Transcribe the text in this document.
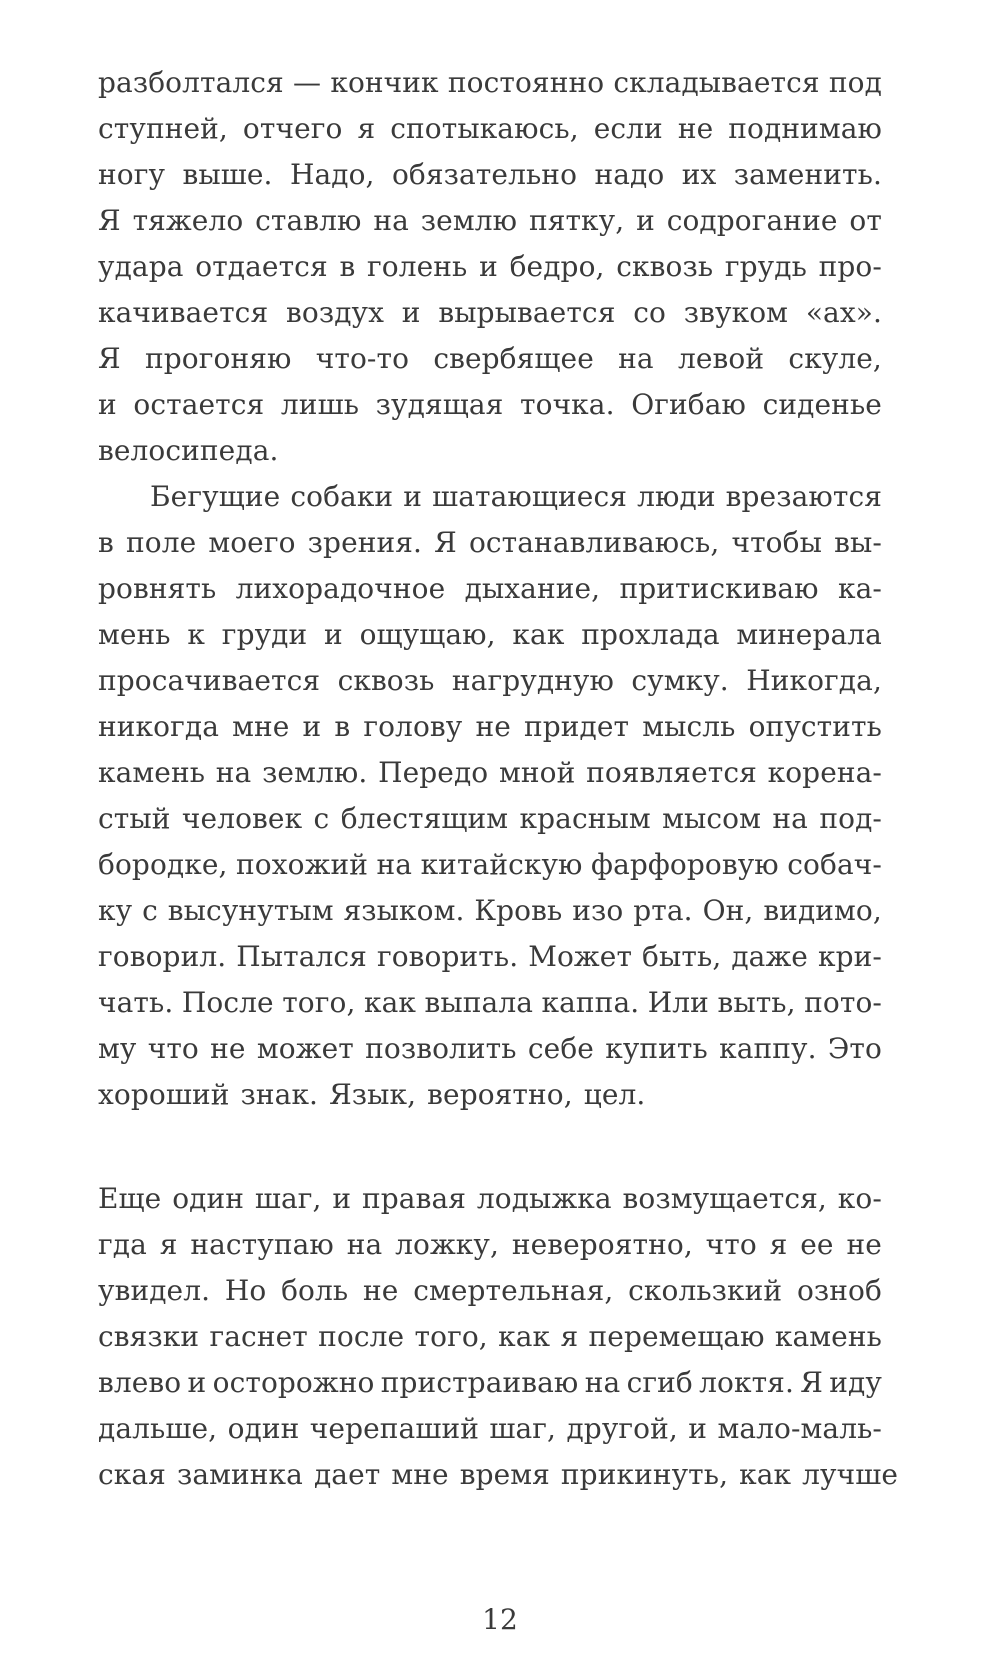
разболтался — кончик постоянно складывается под
ступней, отчего я спотыкаюсь, если не поднимаю
ногу выше. Надо, обязательно надо их заменить.
Я тяжело ставлю на землю пятку, и содрогание от
удара отдается в голень и бедро, сквозь грудь про-
качивается воздух и вырывается со звуком «ах».
Я прогоняю что-то свербящее на левой скуле,
и остается лишь зудящая точка. Огибаю сиденье
велосипеда.
Бегущие собаки и шатающиеся люди врезаются
в поле моего зрения. Я останавливаюсь, чтобы вы-
ровнять лихорадочное дыхание, притискиваю ка-
мень к груди и ощущаю, как прохлада минерала
просачивается сквозь нагрудную сумку. Никогда,
никогда мне и в голову не придет мысль опустить
камень на землю. Передо мной появляется корена-
стый человек с блестящим красным мысом на под-
бородке, похожий на китайскую фарфоровую собач-
ку с высунутым языком. Кровь изо рта. Он, видимо,
говорил. Пытался говорить. Может быть, даже кри-
чать. После того, как выпала каппа. Или выть, пото-
му что не может позволить себе купить каппу. Это
хороший
знак.
Язык,
вероятно,
цел.
Еще один шаг, и правая лодыжка возмущается, ко-
гда я наступаю на ложку, невероятно, что я ее не
увидел. Но боль не смертельная, скользкий озноб
связки гаснет после того, как я перемещаю камень
влево и осторожно пристраиваю на сгиб локтя. Я иду
дальше, один черепаший шаг, другой, и мало-маль-
ская
заминка
дает
мне
время
прикинуть,
как
лучше
12
